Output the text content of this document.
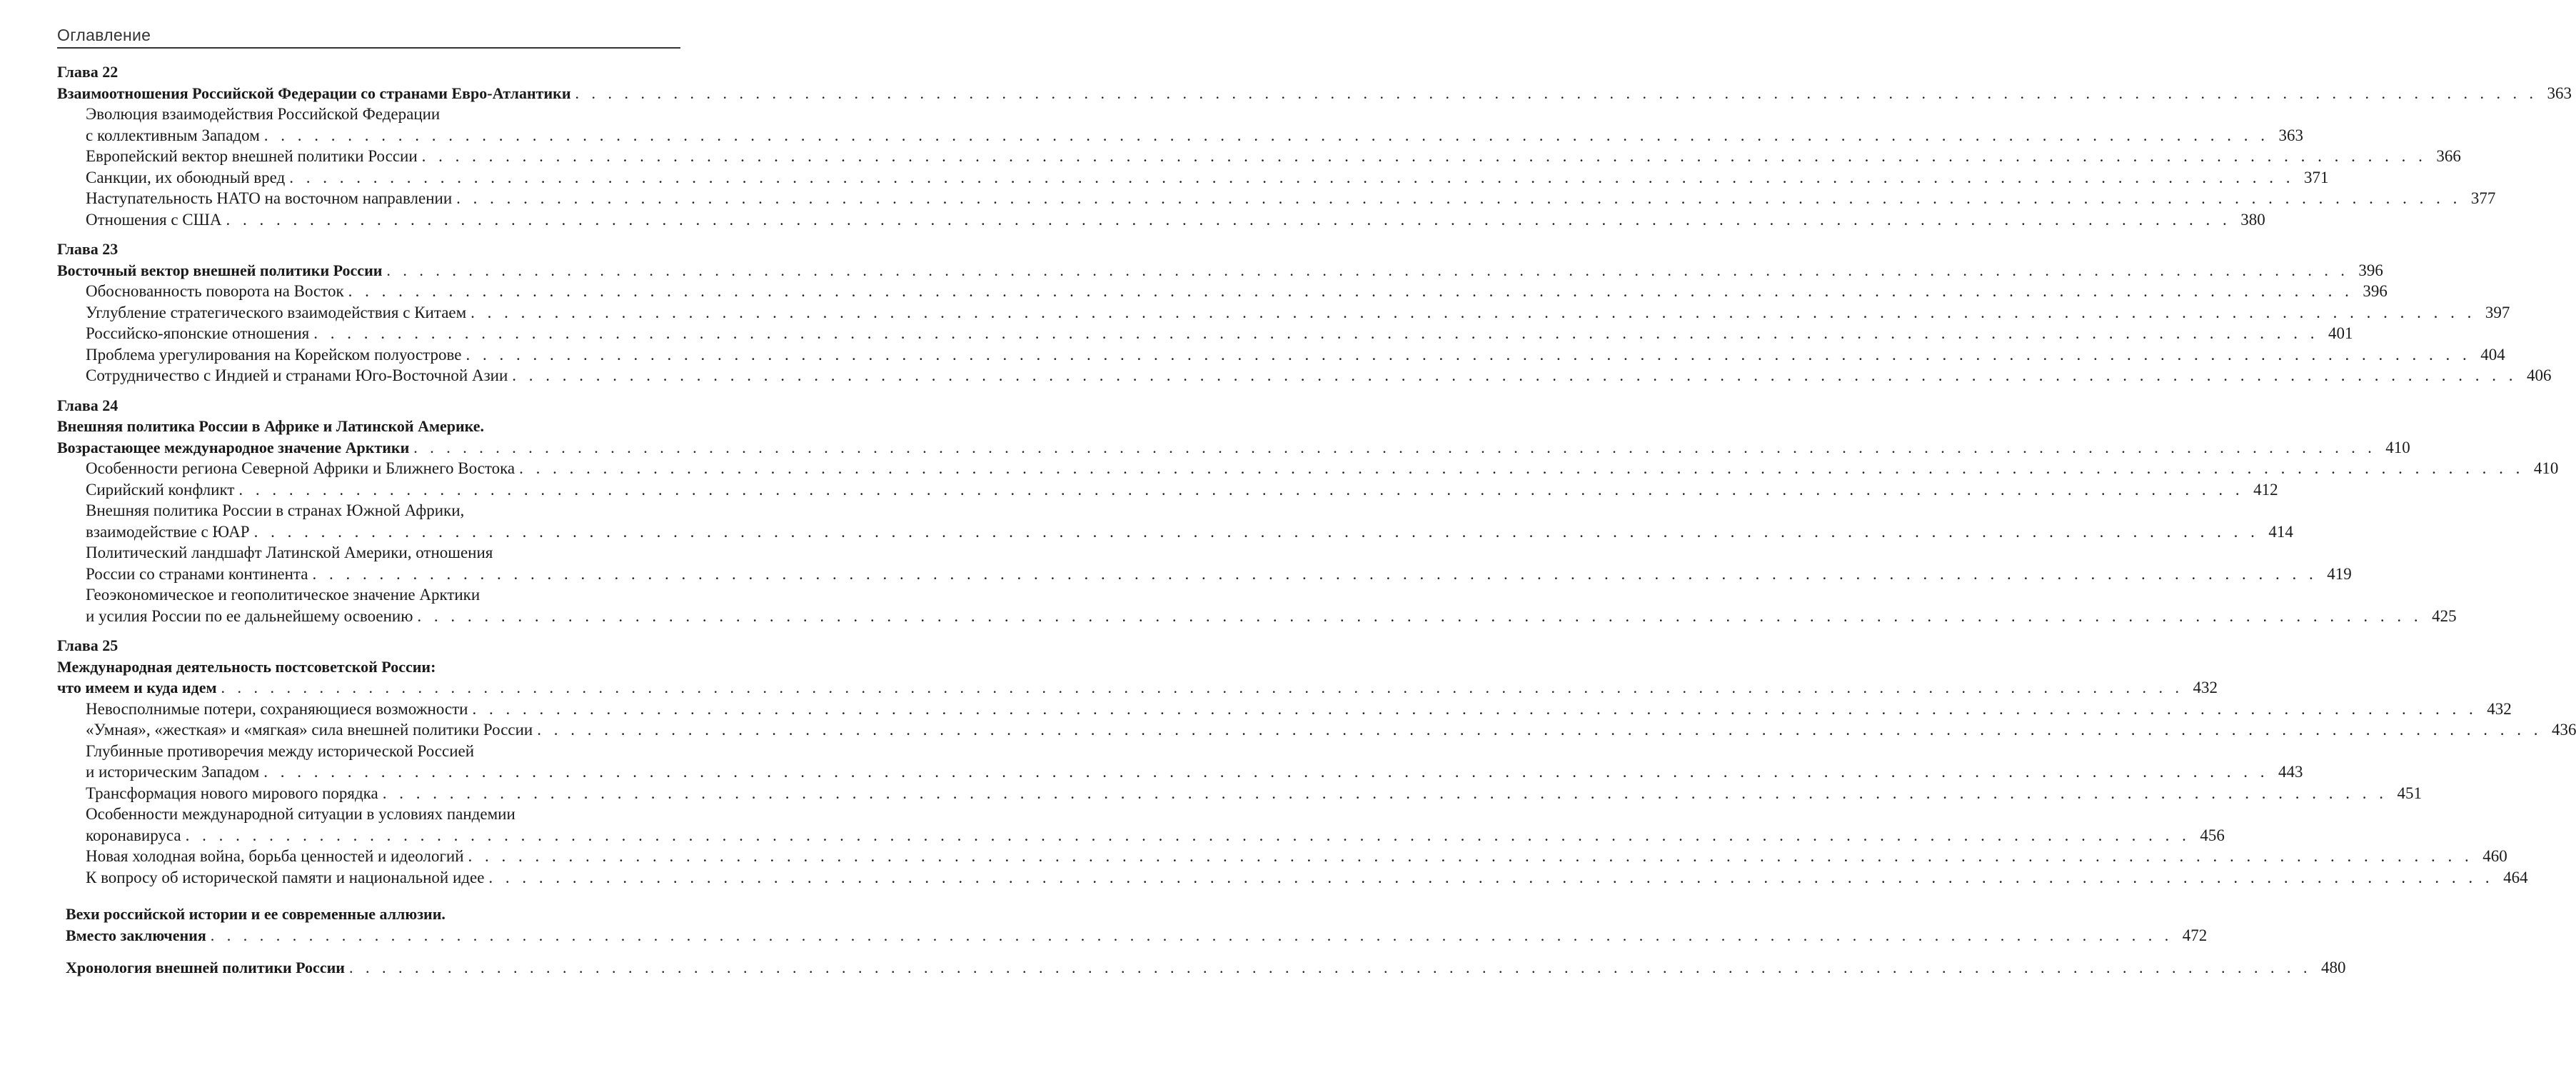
Оглавление
Глава 22
Взаимоотношения Российской Федерации со странами Евро-Атлантики . . . . . . . . . . . . . . . . . . . . . . . . . . . . . . . . . . . . . . . . . . . . . . . . . . . . . . . . . . . . . . . . . . . . . . . . . . . . . . . . . . . . . . . . . . . . . . . . . . . . . . . . . . . . . . . . . . . . . . . . 363
Эволюция взаимодействия Российской Федерации
с коллективным Западом . . . . . . . . . . . . . . . . . . . . . . . . . . . . . . . . . . . . . . . . . . . . . . . . . . . . . . . . . . . . . . . . . . . . . . . . . . . . . . . . . . . . . . . . . . . . . . . . . . . . . . . . . . . . . . . . . . . . . . . . 363
Европейский вектор внешней политики России . . . . . . . . . . . . . . . . . . . . . . . . . . . . . . . . . . . . . . . . . . . . . . . . . . . . . . . . . . . . . . . . . . . . . . . . . . . . . . . . . . . . . . . . . . . . . . . . . . . . . . . . . . . . . . . . . . . . . . . . 366
Санкции, их обоюдный вред . . . . . . . . . . . . . . . . . . . . . . . . . . . . . . . . . . . . . . . . . . . . . . . . . . . . . . . . . . . . . . . . . . . . . . . . . . . . . . . . . . . . . . . . . . . . . . . . . . . . . . . . . . . . . . . . . . . . . . . . 371
Наступательность НАТО на восточном направлении . . . . . . . . . . . . . . . . . . . . . . . . . . . . . . . . . . . . . . . . . . . . . . . . . . . . . . . . . . . . . . . . . . . . . . . . . . . . . . . . . . . . . . . . . . . . . . . . . . . . . . . . . . . . . . . . . . . . . . . . 377
Отношения с США . . . . . . . . . . . . . . . . . . . . . . . . . . . . . . . . . . . . . . . . . . . . . . . . . . . . . . . . . . . . . . . . . . . . . . . . . . . . . . . . . . . . . . . . . . . . . . . . . . . . . . . . . . . . . . . . . . . . . . . . 380
Глава 23
Восточный вектор внешней политики России . . . . . . . . . . . . . . . . . . . . . . . . . . . . . . . . . . . . . . . . . . . . . . . . . . . . . . . . . . . . . . . . . . . . . . . . . . . . . . . . . . . . . . . . . . . . . . . . . . . . . . . . . . . . . . . . . . . . . . . . 396
Обоснованность поворота на Восток . . . . . . . . . . . . . . . . . . . . . . . . . . . . . . . . . . . . . . . . . . . . . . . . . . . . . . . . . . . . . . . . . . . . . . . . . . . . . . . . . . . . . . . . . . . . . . . . . . . . . . . . . . . . . . . . . . . . . . . . 396
Углубление стратегического взаимодействия с Китаем . . . . . . . . . . . . . . . . . . . . . . . . . . . . . . . . . . . . . . . . . . . . . . . . . . . . . . . . . . . . . . . . . . . . . . . . . . . . . . . . . . . . . . . . . . . . . . . . . . . . . . . . . . . . . . . . . . . . . . . . 397
Российско-японские отношения . . . . . . . . . . . . . . . . . . . . . . . . . . . . . . . . . . . . . . . . . . . . . . . . . . . . . . . . . . . . . . . . . . . . . . . . . . . . . . . . . . . . . . . . . . . . . . . . . . . . . . . . . . . . . . . . . . . . . . . . 401
Проблема урегулирования на Корейском полуострове . . . . . . . . . . . . . . . . . . . . . . . . . . . . . . . . . . . . . . . . . . . . . . . . . . . . . . . . . . . . . . . . . . . . . . . . . . . . . . . . . . . . . . . . . . . . . . . . . . . . . . . . . . . . . . . . . . . . . . . . 404
Сотрудничество с Индией и странами Юго-Восточной Азии . . . . . . . . . . . . . . . . . . . . . . . . . . . . . . . . . . . . . . . . . . . . . . . . . . . . . . . . . . . . . . . . . . . . . . . . . . . . . . . . . . . . . . . . . . . . . . . . . . . . . . . . . . . . . . . . . . . . . . . . 406
Глава 24
Внешняя политика России в Африке и Латинской Америке.
Возрастающее международное значение Арктики . . . . . . . . . . . . . . . . . . . . . . . . . . . . . . . . . . . . . . . . . . . . . . . . . . . . . . . . . . . . . . . . . . . . . . . . . . . . . . . . . . . . . . . . . . . . . . . . . . . . . . . . . . . . . . . . . . . . . . . . 410
Особенности региона Северной Африки и Ближнего Востока . . . . . . . . . . . . . . . . . . . . . . . . . . . . . . . . . . . . . . . . . . . . . . . . . . . . . . . . . . . . . . . . . . . . . . . . . . . . . . . . . . . . . . . . . . . . . . . . . . . . . . . . . . . . . . . . . . . . . . . . 410
Сирийский конфликт . . . . . . . . . . . . . . . . . . . . . . . . . . . . . . . . . . . . . . . . . . . . . . . . . . . . . . . . . . . . . . . . . . . . . . . . . . . . . . . . . . . . . . . . . . . . . . . . . . . . . . . . . . . . . . . . . . . . . . . . 412
Внешняя политика России в странах Южной Африки,
взаимодействие с ЮАР . . . . . . . . . . . . . . . . . . . . . . . . . . . . . . . . . . . . . . . . . . . . . . . . . . . . . . . . . . . . . . . . . . . . . . . . . . . . . . . . . . . . . . . . . . . . . . . . . . . . . . . . . . . . . . . . . . . . . . . . 414
Политический ландшафт Латинской Америки, отношения
России со странами континента . . . . . . . . . . . . . . . . . . . . . . . . . . . . . . . . . . . . . . . . . . . . . . . . . . . . . . . . . . . . . . . . . . . . . . . . . . . . . . . . . . . . . . . . . . . . . . . . . . . . . . . . . . . . . . . . . . . . . . . . 419
Геоэкономическое и геополитическое значение Арктики
и усилия России по ее дальнейшему освоению . . . . . . . . . . . . . . . . . . . . . . . . . . . . . . . . . . . . . . . . . . . . . . . . . . . . . . . . . . . . . . . . . . . . . . . . . . . . . . . . . . . . . . . . . . . . . . . . . . . . . . . . . . . . . . . . . . . . . . . . 425
Глава 25
Международная деятельность постсоветской России:
что имеем и куда идем . . . . . . . . . . . . . . . . . . . . . . . . . . . . . . . . . . . . . . . . . . . . . . . . . . . . . . . . . . . . . . . . . . . . . . . . . . . . . . . . . . . . . . . . . . . . . . . . . . . . . . . . . . . . . . . . . . . . . . . . 432
Невосполнимые потери, сохраняющиеся возможности . . . . . . . . . . . . . . . . . . . . . . . . . . . . . . . . . . . . . . . . . . . . . . . . . . . . . . . . . . . . . . . . . . . . . . . . . . . . . . . . . . . . . . . . . . . . . . . . . . . . . . . . . . . . . . . . . . . . . . . . 432
«Умная», «жесткая» и «мягкая» сила внешней политики России . . . . . . . . . . . . . . . . . . . . . . . . . . . . . . . . . . . . . . . . . . . . . . . . . . . . . . . . . . . . . . . . . . . . . . . . . . . . . . . . . . . . . . . . . . . . . . . . . . . . . . . . . . . . . . . . . . . . . . . . 436
Глубинные противоречия между исторической Россией
и историческим Западом . . . . . . . . . . . . . . . . . . . . . . . . . . . . . . . . . . . . . . . . . . . . . . . . . . . . . . . . . . . . . . . . . . . . . . . . . . . . . . . . . . . . . . . . . . . . . . . . . . . . . . . . . . . . . . . . . . . . . . . . 443
Трансформация нового мирового порядка . . . . . . . . . . . . . . . . . . . . . . . . . . . . . . . . . . . . . . . . . . . . . . . . . . . . . . . . . . . . . . . . . . . . . . . . . . . . . . . . . . . . . . . . . . . . . . . . . . . . . . . . . . . . . . . . . . . . . . . . 451
Особенности международной ситуации в условиях пандемии
коронавируса . . . . . . . . . . . . . . . . . . . . . . . . . . . . . . . . . . . . . . . . . . . . . . . . . . . . . . . . . . . . . . . . . . . . . . . . . . . . . . . . . . . . . . . . . . . . . . . . . . . . . . . . . . . . . . . . . . . . . . . . 456
Новая холодная война, борьба ценностей и идеологий . . . . . . . . . . . . . . . . . . . . . . . . . . . . . . . . . . . . . . . . . . . . . . . . . . . . . . . . . . . . . . . . . . . . . . . . . . . . . . . . . . . . . . . . . . . . . . . . . . . . . . . . . . . . . . . . . . . . . . . . 460
К вопросу об исторической памяти и национальной идее . . . . . . . . . . . . . . . . . . . . . . . . . . . . . . . . . . . . . . . . . . . . . . . . . . . . . . . . . . . . . . . . . . . . . . . . . . . . . . . . . . . . . . . . . . . . . . . . . . . . . . . . . . . . . . . . . . . . . . . . 464
Вехи российской истории и ее современные аллюзии.
Вместо заключения . . . . . . . . . . . . . . . . . . . . . . . . . . . . . . . . . . . . . . . . . . . . . . . . . . . . . . . . . . . . . . . . . . . . . . . . . . . . . . . . . . . . . . . . . . . . . . . . . . . . . . . . . . . . . . . . . . . . . . . . 472
Хронология внешней политики России . . . . . . . . . . . . . . . . . . . . . . . . . . . . . . . . . . . . . . . . . . . . . . . . . . . . . . . . . . . . . . . . . . . . . . . . . . . . . . . . . . . . . . . . . . . . . . . . . . . . . . . . . . . . . . . . . . . . . . . . 480
